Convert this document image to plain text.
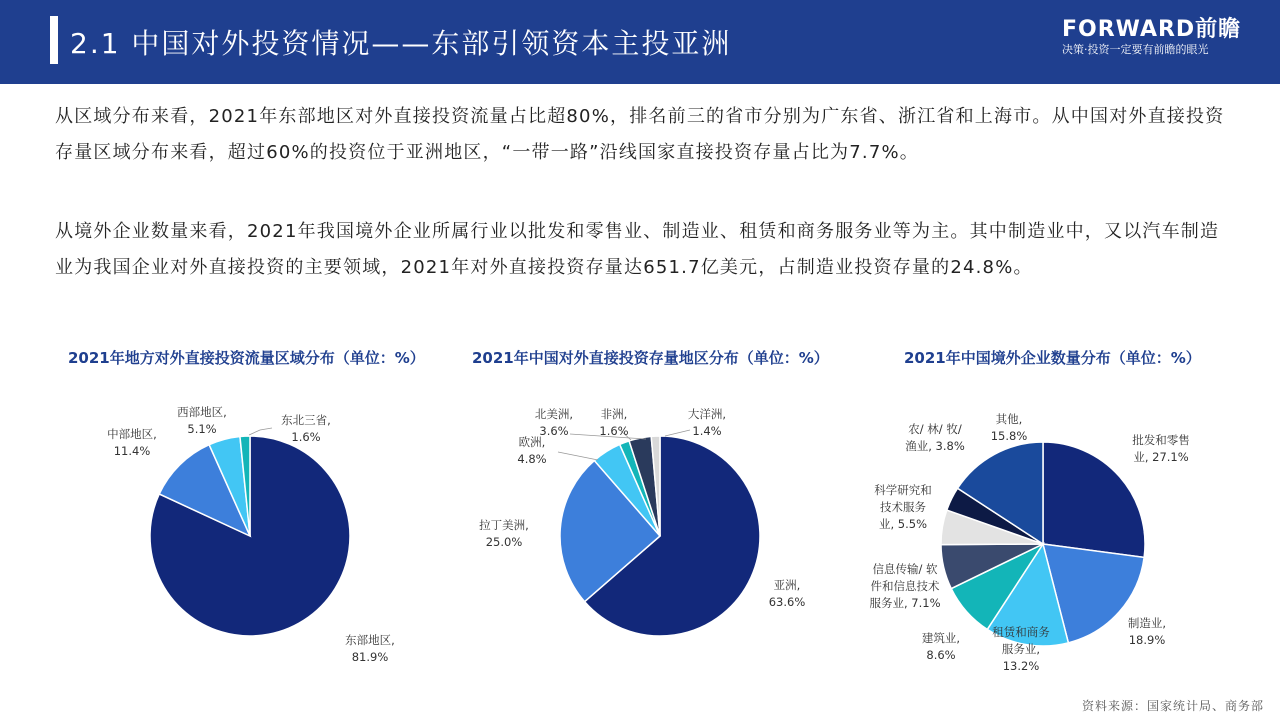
2.1 中国对外投资情况——东部引领资本主投亚洲	FORWARD前瞻
决策·投资一定要有前瞻的眼光

从区域分布来看，2021年东部地区对外直接投资流量占比超80%，排名前三的省市分别为广东省、浙江省和上海市。从中国对外直接投资存量区域分布来看，超过60%的投资位于亚洲地区，“一带一路”沿线国家直接投资存量占比为7.7%。

从境外企业数量来看，2021年我国境外企业所属行业以批发和零售业、制造业、租赁和商务服务业等为主。其中制造业中，又以汽车制造业为我国企业对外直接投资的主要领域，2021年对外直接投资存量达651.7亿美元，占制造业投资存量的24.8%。

2021年地方对外直接投资流量区域分布（单位：%）	2021年中国对外直接投资存量地区分布（单位：%）	2021年中国境外企业数量分布（单位：%）
东部地区,
81.9%
中部地区,
11.4%
西部地区,
5.1%
东北三省,
1.6%
亚洲,
63.6%
拉丁美洲,
25.0%
欧洲,
4.8%
非洲,
1.6%
北美洲,
3.6%
大洋洲,
1.4%
批发和零售
业, 27.1%
制造业,
18.9%
租赁和商务
服务业,
13.2%
建筑业,
8.6%
信息传输/ 软
件和信息技术
服务业, 7.1%
科学研究和
技术服务
业, 5.5%
农/ 林/ 牧/
渔业, 3.8%
其他,
15.8%
资料来源：国家统计局、商务部
